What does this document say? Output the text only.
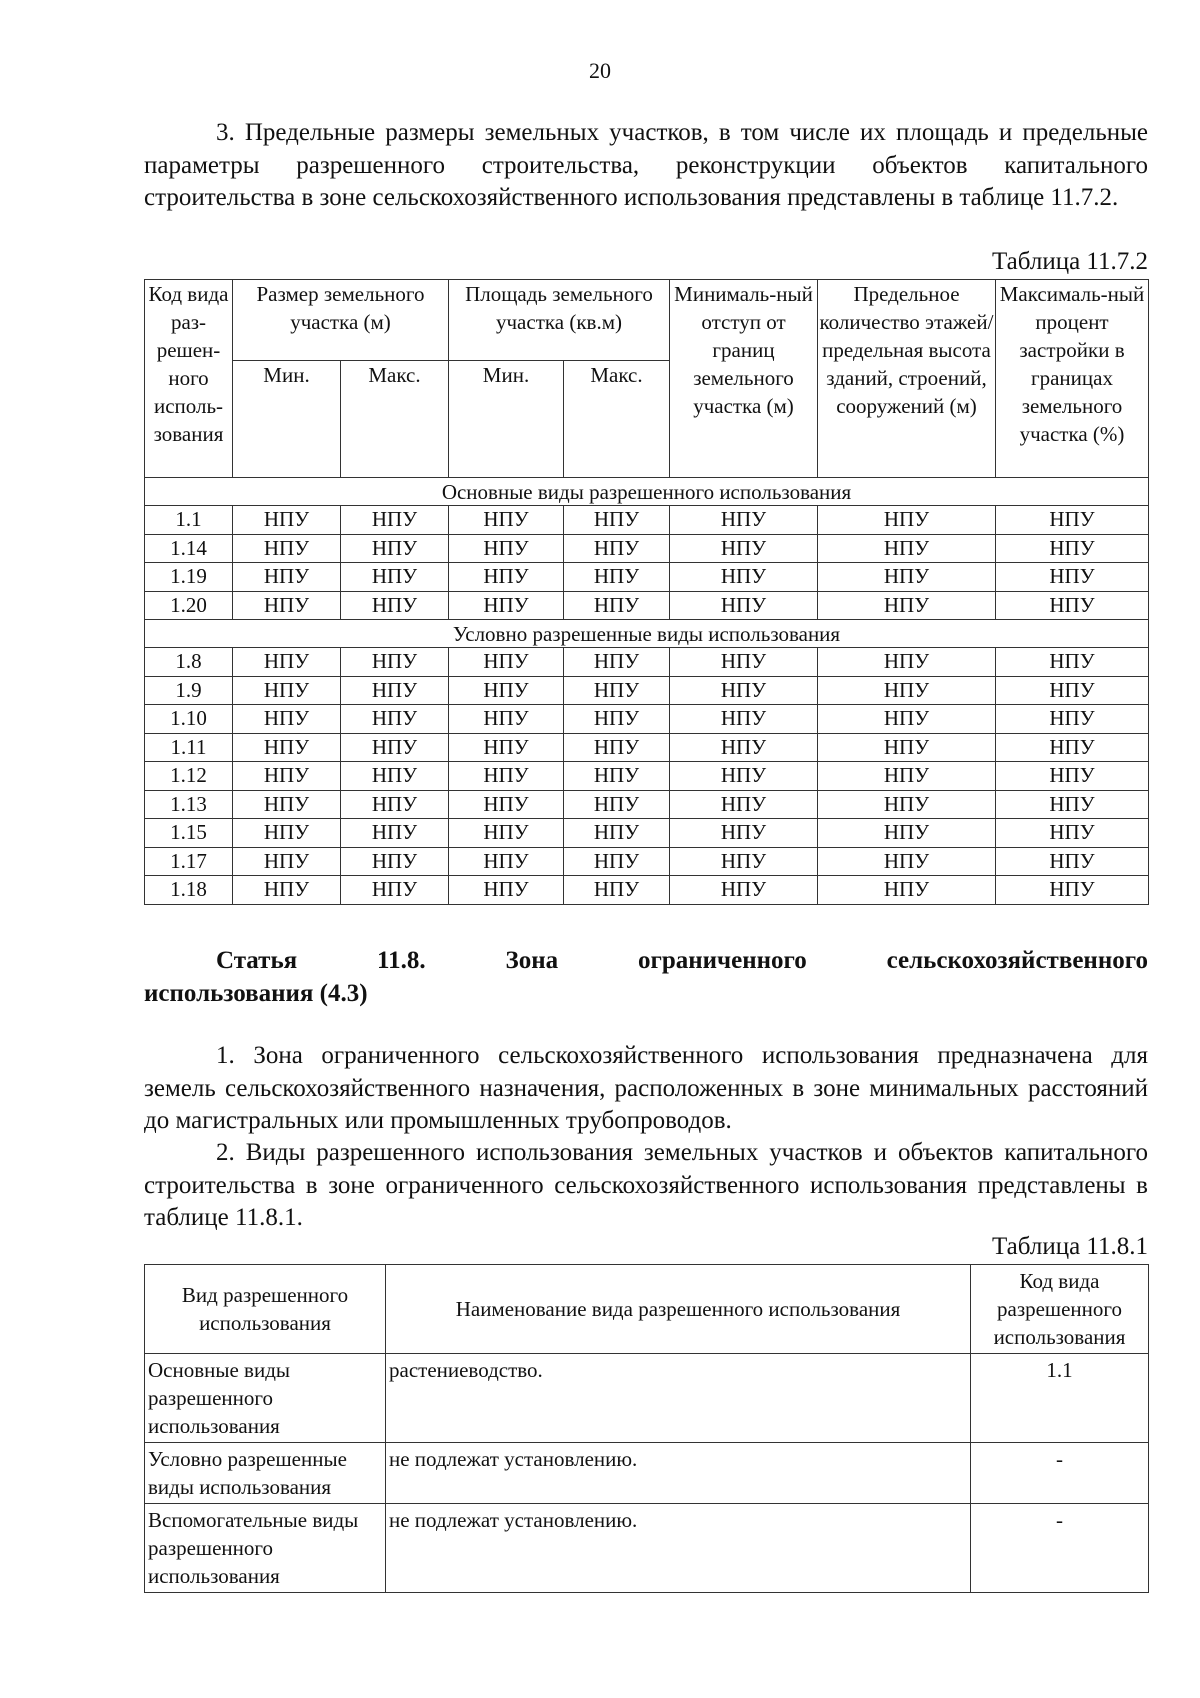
20

3. Предельные размеры земельных участков, в том числе их площадь и предельные параметры разрешенного строительства, реконструкции объектов капитального строительства в зоне сельскохозяйственного использования представлены в таблице 11.7.2.

Таблица 11.7.2
Код вида раз-решен-ного исполь-зования	Размер земельного участка (м)		Площадь земельного участка (кв.м)		Минималь-ный отступ от границ земельного участка (м)	Предельное количество этажей/ предельная высота зданий, строений, сооружений (м)	Максималь-ный процент застройки в границах земельного участка (%)
	Мин.	Макс.	Мин.	Макс.			
Основные виды разрешенного использования							
1.1	НПУ	НПУ	НПУ	НПУ	НПУ	НПУ	НПУ
1.14	НПУ	НПУ	НПУ	НПУ	НПУ	НПУ	НПУ
1.19	НПУ	НПУ	НПУ	НПУ	НПУ	НПУ	НПУ
1.20	НПУ	НПУ	НПУ	НПУ	НПУ	НПУ	НПУ
Условно разрешенные виды использования							
1.8	НПУ	НПУ	НПУ	НПУ	НПУ	НПУ	НПУ
1.9	НПУ	НПУ	НПУ	НПУ	НПУ	НПУ	НПУ
1.10	НПУ	НПУ	НПУ	НПУ	НПУ	НПУ	НПУ
1.11	НПУ	НПУ	НПУ	НПУ	НПУ	НПУ	НПУ
1.12	НПУ	НПУ	НПУ	НПУ	НПУ	НПУ	НПУ
1.13	НПУ	НПУ	НПУ	НПУ	НПУ	НПУ	НПУ
1.15	НПУ	НПУ	НПУ	НПУ	НПУ	НПУ	НПУ
1.17	НПУ	НПУ	НПУ	НПУ	НПУ	НПУ	НПУ
1.18	НПУ	НПУ	НПУ	НПУ	НПУ	НПУ	НПУ
Статья	11.8.	Зона	ограниченного	сельскохозяйственного
использования (4.3)

1. Зона ограниченного сельскохозяйственного использования предназначена для земель сельскохозяйственного назначения, расположенных в зоне минимальных расстояний до магистральных или промышленных трубопроводов.

2. Виды разрешенного использования земельных участков и объектов капитального строительства в зоне ограниченного сельскохозяйственного использования представлены в таблице 11.8.1.

Таблица 11.8.1
Вид разрешенного использования	Наименование вида разрешенного использования	Код вида разрешенного использования
Основные виды разрешенного использования	растениеводство.	1.1
Условно разрешенные виды использования	не подлежат установлению.	-
Вспомогательные виды разрешенного использования	не подлежат установлению.	-
